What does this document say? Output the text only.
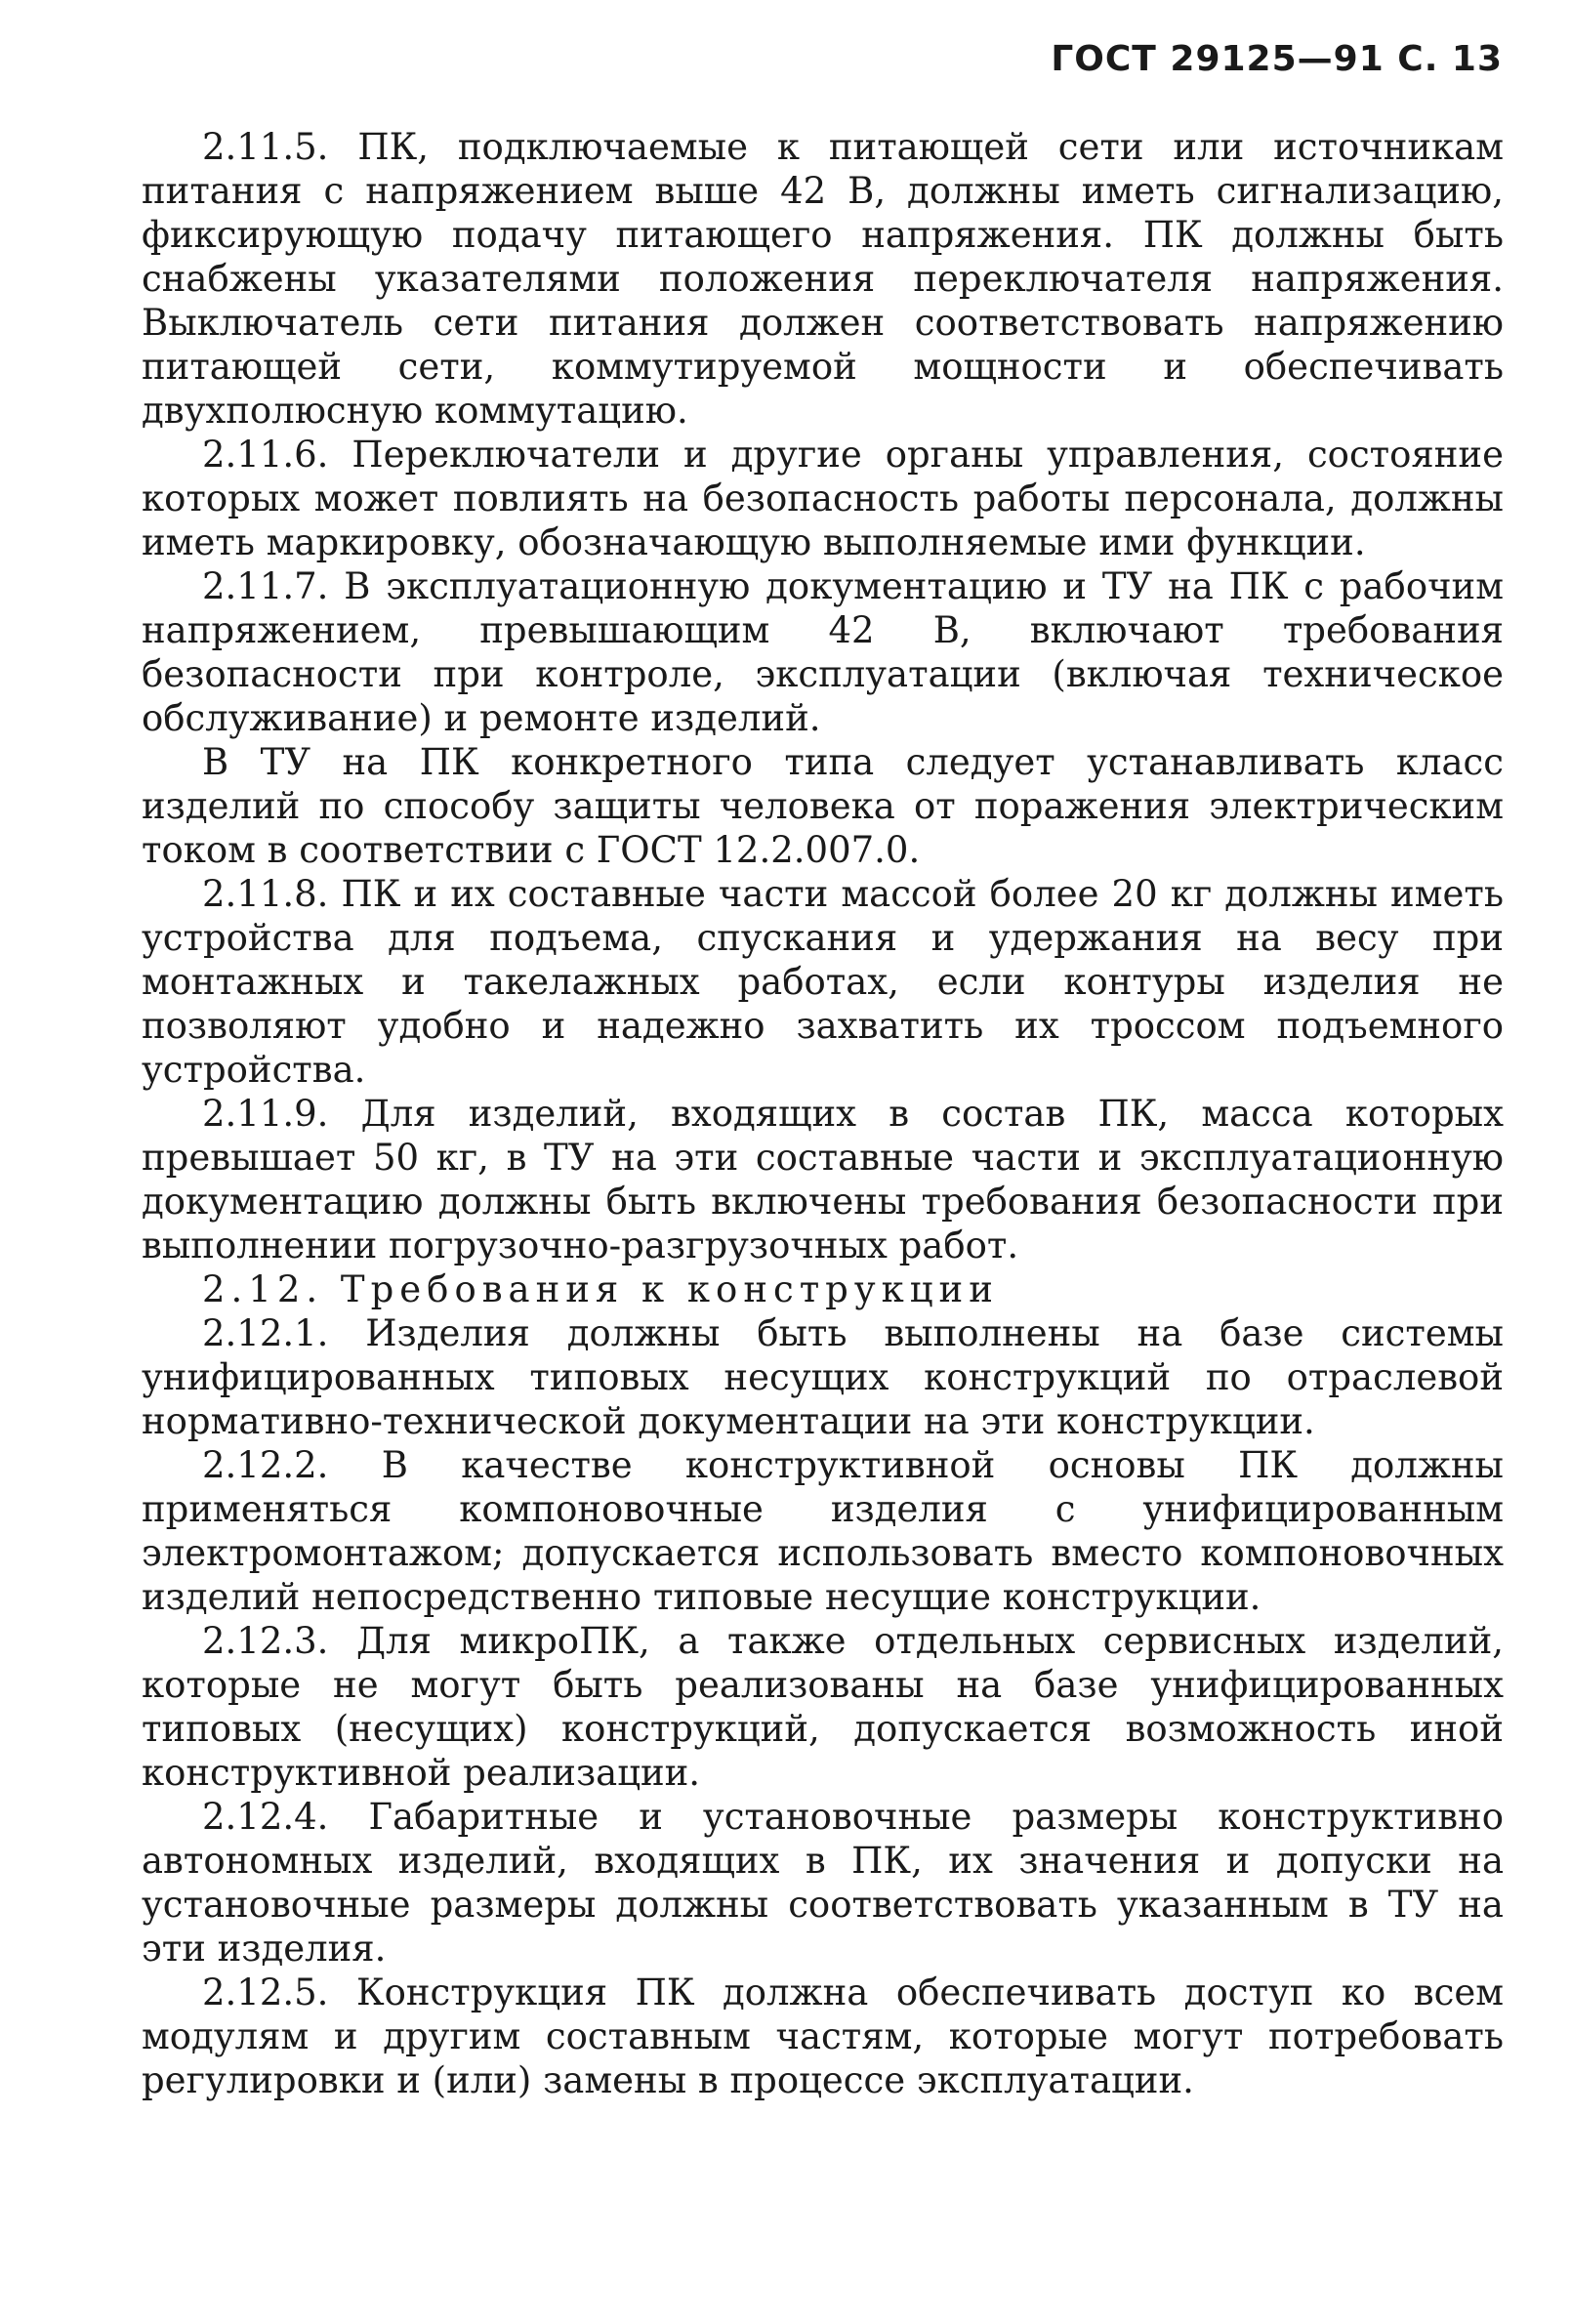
ГОСТ 29125—91 С. 13

2.11.5. ПК, подключаемые к питающей сети или источникам питания с напряжением выше 42 В, должны иметь сигнализацию, фиксирующую подачу питающего напряжения. ПК должны быть снабжены указателями положения переключателя напряжения. Выключатель сети питания должен соответствовать напряжению питающей сети, коммутируемой мощности и обеспечивать двухполюсную коммутацию.

2.11.6. Переключатели и другие органы управления, состояние которых может повлиять на безопасность работы персонала, должны иметь маркировку, обозначающую выполняемые ими функции.

2.11.7. В эксплуатационную документацию и ТУ на ПК с рабочим напряжением, превышающим 42 В, включают требования безопасности при контроле, эксплуатации (включая техническое обслуживание) и ремонте изделий.

В ТУ на ПК конкретного типа следует устанавливать класс изделий по способу защиты человека от поражения электрическим током в соответствии с ГОСТ 12.2.007.0.

2.11.8. ПК и их составные части массой более 20 кг должны иметь устройства для подъема, спускания и удержания на весу при монтажных и такелажных работах, если контуры изделия не позволяют удобно и надежно захватить их тросcом подъемного устройства.

2.11.9. Для изделий, входящих в состав ПК, масса которых превышает 50 кг, в ТУ на эти составные части и эксплуатационную документацию должны быть включены требования безопасности при выполнении погрузочно-разгрузочных работ.

2.12. Требования к конструкции

2.12.1. Изделия должны быть выполнены на базе системы унифицированных типовых несущих конструкций по отраслевой нормативно-технической документации на эти конструкции.

2.12.2. В качестве конструктивной основы ПК должны применяться компоновочные изделия с унифицированным электромонтажом; допускается использовать вместо компоновочных изделий непосредственно типовые несущие конструкции.

2.12.3. Для микроПК, а также отдельных сервисных изделий, которые не могут быть реализованы на базе унифицированных типовых (несущих) конструкций, допускается возможность иной конструктивной реализации.

2.12.4. Габаритные и установочные размеры конструктивно автономных изделий, входящих в ПК, их значения и допуски на установочные размеры должны соответствовать указанным в ТУ на эти изделия.

2.12.5. Конструкция ПК должна обеспечивать доступ ко всем модулям и другим составным частям, которые могут потребовать регулировки и (или) замены в процессе эксплуатации.
